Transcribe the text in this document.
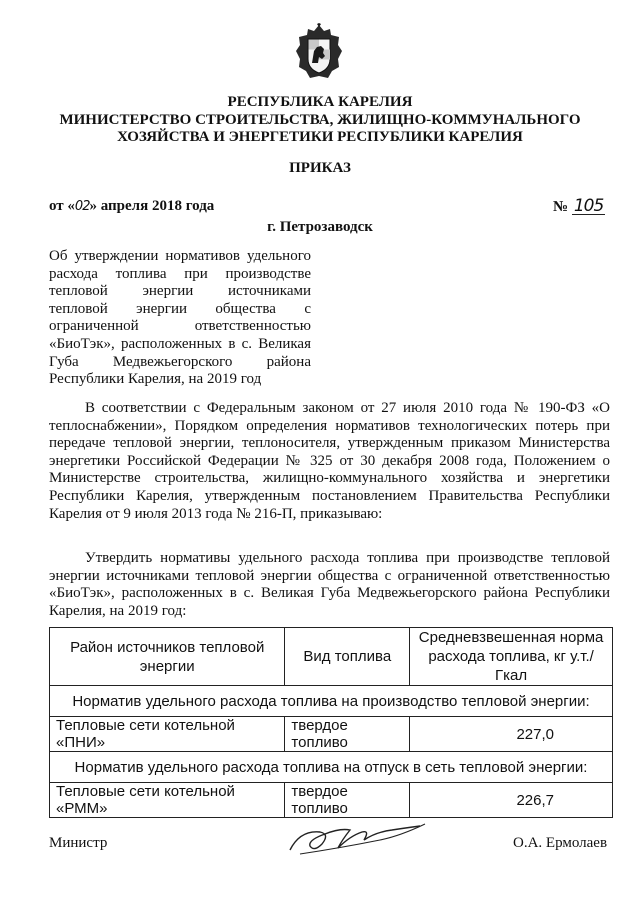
РЕСПУБЛИКА КАРЕЛИЯ
МИНИСТЕРСТВО СТРОИТЕЛЬСТВА, ЖИЛИЩНО-КОММУНАЛЬНОГО
ХОЗЯЙСТВА И ЭНЕРГЕТИКИ РЕСПУБЛИКИ КАРЕЛИЯ
ПРИКАЗ
от «02» апреля 2018 года	№ 105
г. Петрозаводск
Об утверждении нормативов удельного расхода топлива при производстве тепловой энергии источниками тепловой энергии общества с ограниченной ответственностью «БиоТэк», расположенных в с. Великая Губа Медвежьегорского района Республики Карелия, на 2019 год

В соответствии с Федеральным законом от 27 июля 2010 года № 190-ФЗ «О теплоснабжении», Порядком определения нормативов технологических потерь при передаче тепловой энергии, теплоносителя, утвержденным приказом Министерства энергетики Российской Федерации № 325 от 30 декабря 2008 года, Положением о Министерстве строительства, жилищно-коммунального хозяйства и энергетики Республики Карелия, утвержденным постановлением Правительства Республики Карелия от 9 июля 2013 года № 216-П, приказываю:

Утвердить нормативы удельного расхода топлива при производстве тепловой энергии источниками тепловой энергии общества с ограниченной ответственностью «БиоТэк», расположенных в с. Великая Губа Медвежьегорского района Республики Карелия, на 2019 год:

Район источников тепловой энергии	Вид топлива	Средневзвешенная норма расхода топлива, кг у.т./Гкал
Норматив удельного расхода топлива на производство тепловой энергии:		
Тепловые сети котельной «ПНИ»	твердое топливо	227,0
Норматив удельного расхода топлива на отпуск в сеть тепловой энергии:		
Тепловые сети котельной «РММ»	твердое топливо	226,7
Министр	О.А. Ермолаев
